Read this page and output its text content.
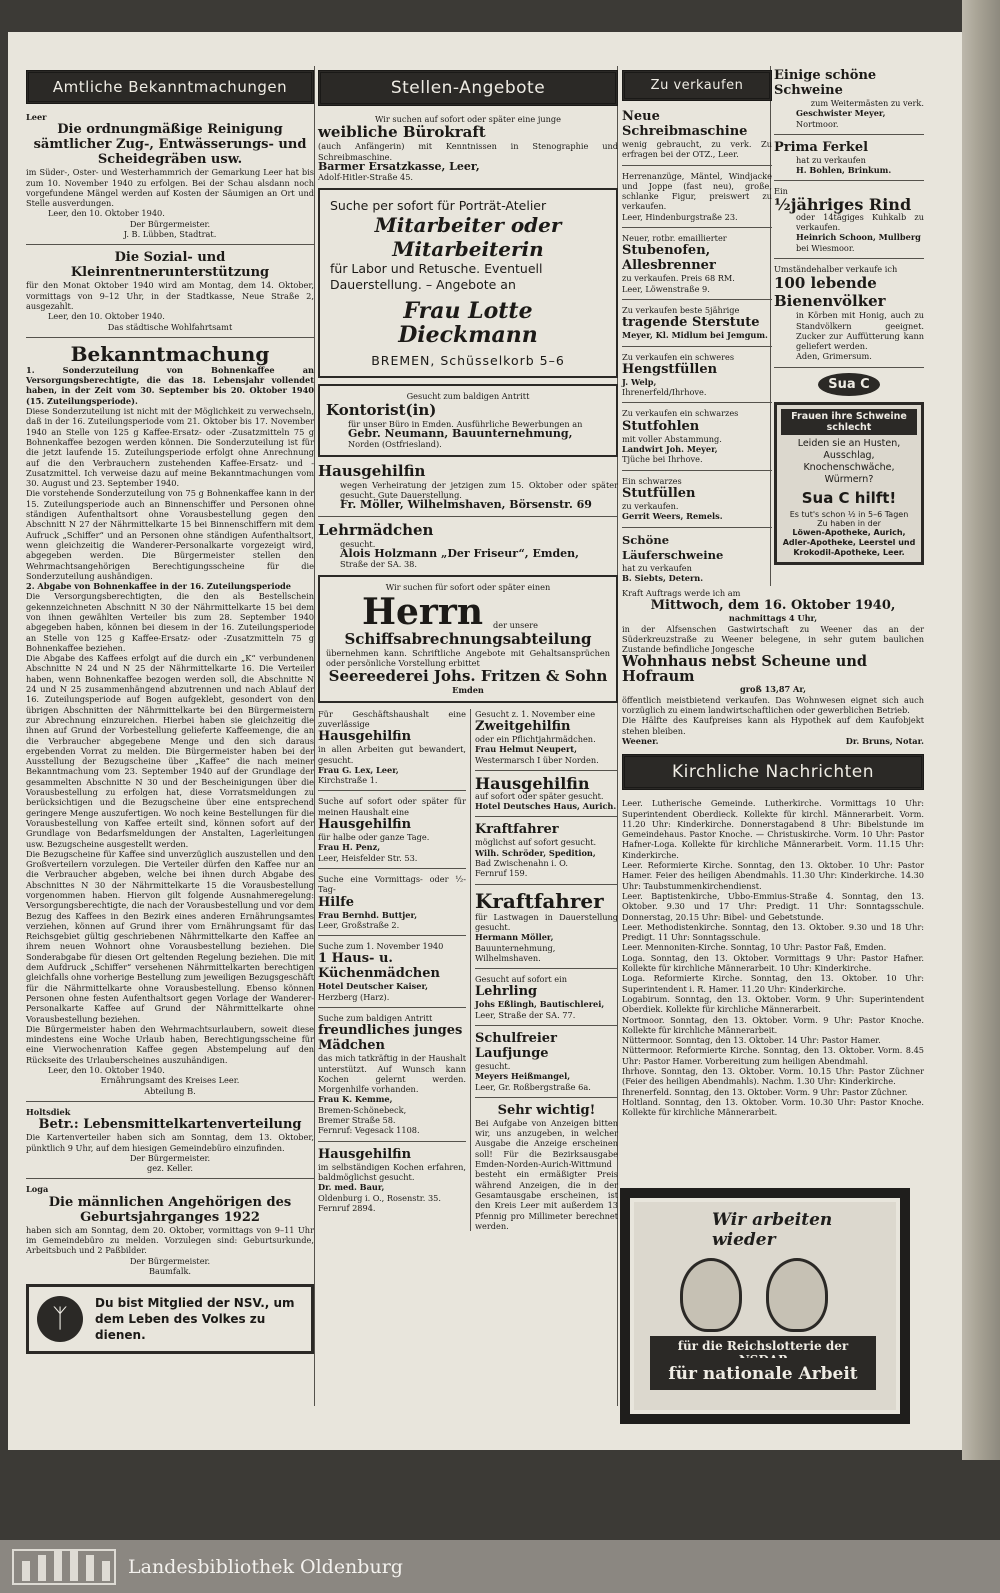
Amtliche Bekanntmachungen
Leer
Die ordnungmäßige Reinigung sämtlicher Zug-, Entwässerungs- und Scheidegräben usw.

im Süder-, Oster- und Westerhammrich der Gemarkung Leer hat bis zum 10. November 1940 zu erfolgen. Bei der Schau alsdann noch vorgefundene Mängel werden auf Kosten der Säumigen an Ort und Stelle ausverdungen.

Leer, den 10. Oktober 1940.

Der Bürgermeister.

J. B. Lübben, Stadtrat.

Die Sozial- und Kleinrentnerunterstützung

für den Monat Oktober 1940 wird am Montag, dem 14. Oktober, vormittags von 9–12 Uhr, in der Stadtkasse, Neue Straße 2, ausgezahlt.

Leer, den 10. Oktober 1940.

Das städtische Wohlfahrtsamt

Bekanntmachung

1. Sonderzuteilung von Bohnenkaffee an Versorgungsberechtigte, die das 18. Lebensjahr vollendet haben, in der Zeit vom 30. September bis 20. Oktober 1940 (15. Zuteilungsperiode).

Diese Sonderzuteilung ist nicht mit der Möglichkeit zu verwechseln, daß in der 16. Zuteilungsperiode vom 21. Oktober bis 17. November 1940 an Stelle von 125 g Kaffee-Ersatz- oder -Zusatzmitteln 75 g Bohnenkaffee bezogen werden können. Die Sonderzuteilung ist für die jetzt laufende 15. Zuteilungsperiode erfolgt ohne Anrechnung auf die den Verbrauchern zustehenden Kaffee-Ersatz- und -Zusatzmittel. Ich verweise dazu auf meine Bekanntmachungen vom 30. August und 23. September 1940.

Die vorstehende Sonderzuteilung von 75 g Bohnenkaffee kann in der 15. Zuteilungsperiode auch an Binnenschiffer und Personen ohne ständigen Aufenthaltsort ohne Vorausbestellung gegen den Abschnitt N 27 der Nährmittelkarte 15 bei Binnenschiffern mit dem Aufruck „Schiffer“ und an Personen ohne ständigen Aufenthaltsort, wenn gleichzeitig die Wanderer-Personalkarte vorgezeigt wird, abgegeben werden. Die Bürgermeister stellen den Wehrmachtsangehörigen Berechtigungsscheine für die Sonderzuteilung aushändigen.

2. Abgabe von Bohnenkaffee in der 16. Zuteilungsperiode

Die Versorgungsberechtigten, die den als Bestellschein gekennzeichneten Abschnitt N 30 der Nährmittelkarte 15 bei dem von ihnen gewählten Verteiler bis zum 28. September 1940 abgegeben haben, können bei diesem in der 16. Zuteilungsperiode an Stelle von 125 g Kaffee-Ersatz- oder -Zusatzmitteln 75 g Bohnenkaffee beziehen.

Die Abgabe des Kaffees erfolgt auf die durch ein „K“ verbundenen Abschnitte N 24 und N 25 der Nährmittelkarte 16. Die Verteiler haben, wenn Bohnenkaffee bezogen werden soll, die Abschnitte N 24 und N 25 zusammenhängend abzutrennen und nach Ablauf der 16. Zuteilungsperiode auf Bogen aufgeklebt, gesondert von den übrigen Abschnitten der Nährmittelkarte bei den Bürgermeistern zur Abrechnung einzureichen. Hierbei haben sie gleichzeitig die ihnen auf Grund der Vorbestellung gelieferte Kaffeemenge, die an die Verbraucher abgegebene Menge und den sich daraus ergebenden Vorrat zu melden. Die Bürgermeister haben bei der Ausstellung der Bezugscheine über „Kaffee“ die nach meiner Bekanntmachung vom 23. September 1940 auf der Grundlage der gesammelten Abschnitte N 30 und der Bescheinigungen über die Vorausbestellung zu erfolgen hat, diese Vorratsmeldungen zu berücksichtigen und die Bezugscheine über eine entsprechend geringere Menge auszufertigen. Wo noch keine Bestellungen für die Vorausbestellung von Kaffee erteilt sind, können sofort auf der Grundlage von Bedarfsmeldungen der Anstalten, Lagerleitungen usw. Bezugscheine ausgestellt werden.

Die Bezugscheine für Kaffee sind unverzüglich auszustellen und den Großverteilern vorzulegen. Die Verteiler dürfen den Kaffee nur an die Verbraucher abgeben, welche bei ihnen durch Abgabe des Abschnittes N 30 der Nährmittelkarte 15 die Vorausbestellung vorgenommen haben. Hiervon gilt folgende Ausnahmeregelung: Versorgungsberechtigte, die nach der Vorausbestellung und vor dem Bezug des Kaffees in den Bezirk eines anderen Ernährungsamtes verziehen, können auf Grund ihrer vom Ernährungsamt für das Reichsgebiet gültig geschriebenen Nährmittelkarte den Kaffee an ihrem neuen Wohnort ohne Vorausbestellung beziehen. Die Sonderabgabe für diesen Ort geltenden Regelung beziehen. Die mit dem Aufdruck „Schiffer“ versehenen Nährmittelkarten berechtigen gleichfalls ohne vorherige Bestellung zum jeweiligen Bezugsgeschäft für die Nährmittelkarte ohne Vorausbestellung. Ebenso können Personen ohne festen Aufenthaltsort gegen Vorlage der Wanderer-Personalkarte Kaffee auf Grund der Nährmittelkarte ohne Vorausbestellung beziehen.

Die Bürgermeister haben den Wehrmachtsurlaubern, soweit diese mindestens eine Woche Urlaub haben, Berechtigungsscheine für eine Vierwochenration Kaffee gegen Abstempelung auf den Rückseite des Urlauberscheines auszuhändigen.

Leer, den 10. Oktober 1940.

Ernährungsamt des Kreises Leer.

Abteilung B.

Holtsdiek
Betr.: Lebensmittelkartenverteilung

Die Kartenverteiler haben sich am Sonntag, dem 13. Oktober, pünktlich 9 Uhr, auf dem hiesigen Gemeindebüro einzufinden.

Der Bürgermeister.

gez. Keller.

Loga
Die männlichen Angehörigen des Geburtsjahrganges 1922

haben sich am Sonntag, dem 20. Oktober, vormittags von 9–11 Uhr im Gemeindebüro zu melden. Vorzulegen sind: Geburtsurkunde, Arbeitsbuch und 2 Paßbilder.

Der Bürgermeister.

Baumfalk.

ᛉ
Du bist Mitglied der NSV., um dem Leben des Volkes zu dienen.
Stellen-Angebote

Wir suchen auf sofort oder später eine junge

weibliche Bürokraft

(auch Anfängerin) mit Kenntnissen in Stenographie und Schreibmaschine.

Barmer Ersatzkasse, Leer,

Adolf-Hitler-Straße 45.

Suche per sofort für Porträt-Atelier
Mitarbeiter oder Mitarbeiterin
für Labor und Retusche. Eventuell Dauerstellung. – Angebote an
Frau Lotte Dieckmann
BREMEN, Schüsselkorb 5–6

Gesucht zum baldigen Antritt

Kontorist(in)

für unser Büro in Emden. Ausführliche Bewerbungen an

Gebr. Neumann, Bauunternehmung,

Norden (Ostfriesland).

Hausgehilfin

wegen Verheiratung der jetzigen zum 15. Oktober oder später gesucht. Gute Dauerstellung.

Fr. Möller, Wilhelmshaven, Börsenstr. 69

Lehrmädchen

gesucht.

Alois Holzmann „Der Friseur“, Emden,

Straße der SA. 38.

Wir suchen für sofort oder später einen

Herrn der unsere

Schiffsabrechnungsabteilung

übernehmen kann. Schriftliche Angebote mit Gehaltsansprüchen oder persönliche Vorstellung erbittet

Seereederei Johs. Fritzen & Sohn

Emden

Für Geschäftshaushalt eine zuverlässige

Hausgehilfin

in allen Arbeiten gut bewandert, gesucht.

Frau G. Lex, Leer,

Kirchstraße 1.

Suche auf sofort oder später für meinen Haushalt eine

Hausgehilfin

für halbe oder ganze Tage.

Frau H. Penz,

Leer, Heisfelder Str. 53.

Suche eine Vormittags- oder ½-Tag-

Hilfe

Frau Bernhd. Buttjer,

Leer, Großstraße 2.

Suche zum 1. November 1940

1 Haus- u. Küchenmädchen

Hotel Deutscher Kaiser,

Herzberg (Harz).

Suche zum baldigen Antritt

freundliches junges Mädchen

das mich tatkräftig in der Haushalt unterstützt. Auf Wunsch kann Kochen gelernt werden. Morgenhilfe vorhanden.

Frau K. Kemme,

Bremen-Schönebeck,

Bremer Straße 58.

Fernruf: Vegesack 1108.

Hausgehilfin

im selbständigen Kochen erfahren, baldmöglichst gesucht.

Dr. med. Baur,

Oldenburg i. O., Rosenstr. 35.

Fernruf 2894.

Gesucht z. 1. November eine

Zweitgehilfin

oder ein Pflichtjahrmädchen.

Frau Helmut Neupert,

Westermarsch I über Norden.

Hausgehilfin

auf sofort oder später gesucht.

Hotel Deutsches Haus, Aurich.

Kraftfahrer

möglichst auf sofort gesucht.

Wilh. Schröder, Spedition,

Bad Zwischenahn i. O.

Fernruf 159.

Kraftfahrer

für Lastwagen in Dauerstellung gesucht.

Hermann Möller,

Bauunternehmung,

Wilhelmshaven.

Gesucht auf sofort ein

Lehrling

Johs Eßlingh, Bautischlerei,

Leer, Straße der SA. 77.

Schulfreier Laufjunge

gesucht.

Meyers Heißmangel,

Leer, Gr. Roßbergstraße 6a.

Sehr wichtig!

Bei Aufgabe von Anzeigen bitten wir, uns anzugeben, in welcher Ausgabe die Anzeige erscheinen soll! Für die Bezirksausgabe Emden-Norden-Aurich-Wittmund besteht ein ermäßigter Preis während Anzeigen, die in der Gesamtausgabe erscheinen, ist den Kreis Leer mit außerdem 13 Pfennig pro Millimeter berechnet werden.

Zu verkaufen
Neue Schreibmaschine

wenig gebraucht, zu verk. Zu erfragen bei der OTZ., Leer.

Herrenanzüge, Mäntel, Windjacke und Joppe (fast neu), große, schlanke Figur, preiswert zu verkaufen.

Leer, Hindenburgstraße 23.

Neuer, rotbr. emaillierter

Stubenofen, Allesbrenner

zu verkaufen. Preis 68 RM.

Leer, Löwenstraße 9.

Zu verkaufen beste 5jährige

tragende Sterstute

Meyer, Kl. Midlum bei Jemgum.

Zu verkaufen ein schweres

Hengstfüllen

J. Welp,

Ihrenerfeld/Ihrhove.

Zu verkaufen ein schwarzes

Stutfohlen

mit voller Abstammung.

Landwirt Joh. Meyer,

Tjüche bei Ihrhove.

Ein schwarzes

Stutfüllen

zu verkaufen.

Gerrit Weers, Remels.

Schöne Läuferschweine

hat zu verkaufen

B. Siebts, Detern.

Einige schöne Schweine

zum Weitermästen zu verk.

Geschwister Meyer,

Nortmoor.

Prima Ferkel

hat zu verkaufen

H. Bohlen, Brinkum.

Ein

½jähriges Rind

oder 14tägiges Kuhkalb zu verkaufen.

Heinrich Schoon, Mullberg

bei Wiesmoor.

Umständehalber verkaufe ich

100 lebende Bienenvölker

in Körben mit Honig, auch zu Standvölkern geeignet. Zucker zur Auffütterung kann geliefert werden.

Aden, Grimersum.

Sua C
Frauen ihre Schweine schlecht
Leiden sie an Husten, Ausschlag, Knochenschwäche, Würmern?
Sua C hilft!
Es tut's schon ½ in 5–6 Tagen
Zu haben in der
Löwen-Apotheke, Aurich, Adler-Apotheke, Leerstel und Krokodil-Apotheke, Leer.

Kraft Auftrags werde ich am

Mittwoch, dem 16. Oktober 1940,

nachmittags 4 Uhr,

in der Alfsenschen Gastwirtschaft zu Weener das an der Süderkreuzstraße zu Weener belegene, in sehr gutem baulichen Zustande befindliche Jongesche

Wohnhaus nebst Scheune und Hofraum

groß 13,87 Ar,

öffentlich meistbietend verkaufen. Das Wohnwesen eignet sich auch vorzüglich zu einem landwirtschaftlichen oder gewerblichen Betrieb.

Die Hälfte des Kaufpreises kann als Hypothek auf dem Kaufobjekt stehen bleiben.

Weener.	Dr. Bruns, Notar.

Kirchliche Nachrichten

Leer. Lutherische Gemeinde. Lutherkirche. Vormittags 10 Uhr: Superintendent Oberdieck. Kollekte für kirchl. Männerarbeit. Vorm. 11.20 Uhr: Kinderkirche. Donnerstagabend 8 Uhr: Bibelstunde im Gemeindehaus. Pastor Knoche. — Christuskirche. Vorm. 10 Uhr: Pastor Hafner-Loga. Kollekte für kirchliche Männerarbeit. Vorm. 11.15 Uhr: Kinderkirche.

Leer. Reformierte Kirche. Sonntag, den 13. Oktober. 10 Uhr: Pastor Hamer. Feier des heiligen Abendmahls. 11.30 Uhr: Kinderkirche. 14.30 Uhr: Taubstummenkirchendienst.

Leer. Baptistenkirche, Ubbo-Emmius-Straße 4. Sonntag, den 13. Oktober. 9.30 und 17 Uhr: Predigt. 11 Uhr: Sonntagsschule. Donnerstag, 20.15 Uhr: Bibel- und Gebetstunde.

Leer. Methodistenkirche. Sonntag, den 13. Oktober. 9.30 und 18 Uhr: Predigt. 11 Uhr: Sonntagsschule.

Leer. Mennoniten-Kirche. Sonntag, 10 Uhr: Pastor Faß, Emden.

Loga. Sonntag, den 13. Oktober. Vormittags 9 Uhr: Pastor Hafner. Kollekte für kirchliche Männerarbeit. 10 Uhr: Kinderkirche.

Loga. Reformierte Kirche. Sonntag, den 13. Oktober. 10 Uhr: Superintendent i. R. Hamer. 11.20 Uhr: Kinderkirche.

Logabirum. Sonntag, den 13. Oktober. Vorm. 9 Uhr: Superintendent Oberdiek. Kollekte für kirchliche Männerarbeit.

Nortmoor. Sonntag, den 13. Oktober. Vorm. 9 Uhr: Pastor Knoche. Kollekte für kirchliche Männerarbeit.

Nüttermoor. Sonntag, den 13. Oktober. 14 Uhr: Pastor Hamer.

Nüttermoor. Reformierte Kirche. Sonntag, den 13. Oktober. Vorm. 8.45 Uhr: Pastor Hamer. Vorbereitung zum heiligen Abendmahl.

Ihrhove. Sonntag, den 13. Oktober. Vorm. 10.15 Uhr: Pastor Züchner (Feier des heiligen Abendmahls). Nachm. 1.30 Uhr: Kinderkirche.

Ihrenerfeld. Sonntag, den 13. Oktober. Vorm. 9 Uhr: Pastor Züchner.

Holtland. Sonntag, den 13. Oktober. Vorm. 10.30 Uhr: Pastor Knoche. Kollekte für kirchliche Männerarbeit.

Wir arbeiten wieder
für die Reichslotterie der
für nationale Arbeit
Landesbibliothek Oldenburg
